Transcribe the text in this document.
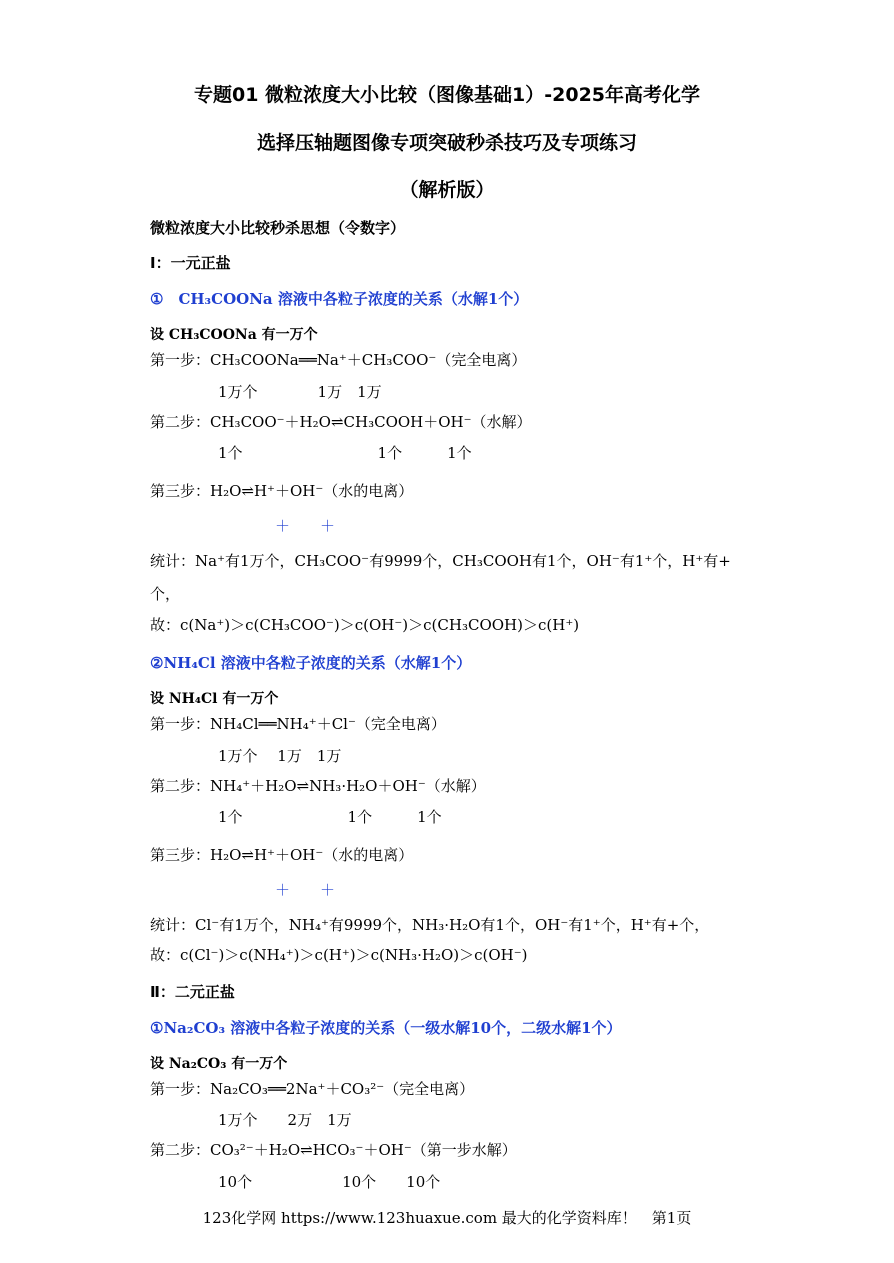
专题01 微粒浓度大小比较（图像基础1）-2025年高考化学
选择压轴题图像专项突破秒杀技巧及专项练习
（解析版）
微粒浓度大小比较秒杀思想（令数字）
Ⅰ：一元正盐
①　CH₃COONa 溶液中各粒子浓度的关系（水解1个）
设 CH₃COONa 有一万个
第一步：CH₃COONa══Na⁺＋CH₃COO⁻（完全电离）
1万个　　　　1万　1万
第二步：CH₃COO⁻＋H₂O⇌CH₃COOH＋OH⁻（水解）
1个　　　　　　　　　1个　　　1个
第三步：H₂O⇌H⁺＋OH⁻（水的电离）
＋　　＋
统计：Na⁺有1万个，CH₃COO⁻有9999个，CH₃COOH有1个，OH⁻有1⁺个，H⁺有+
个，
故：c(Na⁺)＞c(CH₃COO⁻)＞c(OH⁻)＞c(CH₃COOH)＞c(H⁺)
②NH₄Cl 溶液中各粒子浓度的关系（水解1个）
设 NH₄Cl 有一万个
第一步：NH₄Cl══NH₄⁺＋Cl⁻（完全电离）
1万个　 1万　1万
第二步：NH₄⁺＋H₂O⇌NH₃·H₂O＋OH⁻（水解）
1个　　　　　　　1个　　　1个
第三步：H₂O⇌H⁺＋OH⁻（水的电离）
＋　　＋
统计：Cl⁻有1万个，NH₄⁺有9999个，NH₃·H₂O有1个，OH⁻有1⁺个，H⁺有+个，
故：c(Cl⁻)＞c(NH₄⁺)＞c(H⁺)＞c(NH₃·H₂O)＞c(OH⁻)
Ⅱ：二元正盐
①Na₂CO₃ 溶液中各粒子浓度的关系（一级水解10个，二级水解1个）
设 Na₂CO₃ 有一万个
第一步：Na₂CO₃══2Na⁺＋CO₃²⁻（完全电离）
1万个　　2万　1万
第二步：CO₃²⁻＋H₂O⇌HCO₃⁻＋OH⁻（第一步水解）
10个　　　　　　10个　　10个
123化学网 https://www.123huaxue.com 最大的化学资料库！　第1页
